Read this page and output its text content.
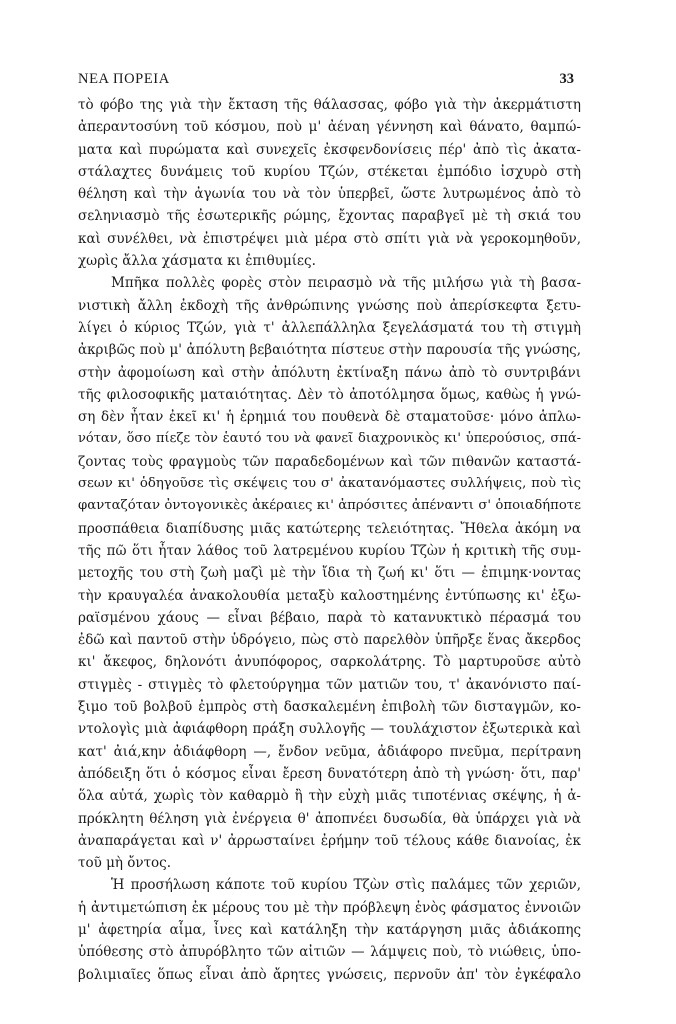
ΝΕΑ ΠΟΡΕΙΑ	33
τὸ φόβο της γιὰ τὴν ἔκταση τῆς θάλασσας, φόβο γιὰ τὴν ἀκερμάτιστη
ἀπεραντοσύνη τοῦ κόσμου, ποὺ μ' ἀέναη γέννηση καὶ θάνατο, θαμπώ-
ματα καὶ πυρώματα καὶ συνεχεῖς ἐκσφενδονίσεις πέρ' ἀπὸ τὶς ἀκατα-
στάλαχτες δυνάμεις τοῦ κυρίου Τζών, στέκεται ἐμπόδιο ἰσχυρὸ στὴ
θέληση καὶ τὴν ἀγωνία του νὰ τὸν ὑπερβεῖ, ὥστε λυτρωμένος ἀπὸ τὸ
σεληνιασμὸ τῆς ἐσωτερικῆς ρώμης, ἔχοντας παραβγεῖ μὲ τὴ σκιά του
καὶ συνέλθει, νὰ ἐπιστρέψει μιὰ μέρα στὸ σπίτι γιὰ νὰ γεροκομηθοῦν,
χωρὶς ἄλλα χάσματα κι ἐπιθυμίες.
Μπῆκα πολλὲς φορὲς στὸν πειρασμὸ νὰ τῆς μιλήσω γιὰ τὴ βασα-
νιστικὴ ἄλλη ἐκδοχὴ τῆς ἀνθρώπινης γνώσης ποὺ ἀπερίσκεφτα ξετυ-
λίγει ὁ κύριος Τζών, γιὰ τ' ἀλλεπάλληλα ξεγελάσματά του τὴ στιγμὴ
ἀκριβῶς ποὺ μ' ἀπόλυτη βεβαιότητα πίστευε στὴν παρουσία τῆς γνώσης,
στὴν ἀφομοίωση καὶ στὴν ἀπόλυτη ἐκτίναξη πάνω ἀπὸ τὸ συντριβάνι
τῆς φιλοσοφικῆς ματαιότητας. Δὲν τὸ ἀποτόλμησα ὅμως, καθὼς ἡ γνώ-
ση δὲν ἦταν ἐκεῖ κι' ἡ ἐρημιά του πουθενὰ δὲ σταματοῦσε· μόνο ἁπλω-
νόταν, ὅσο πίεζε τὸν ἑαυτό του νὰ φανεῖ διαχρονικὸς κι' ὑπερούσιος, σπά-
ζοντας τοὺς φραγμοὺς τῶν παραδεδομένων καὶ τῶν πιθανῶν καταστά-
σεων κι' ὁδηγοῦσε τὶς σκέψεις του σ' ἀκατανόμαστες συλλήψεις, ποὺ τὶς
φανταζόταν ὀντογονικὲς ἀκέραιες κι' ἀπρόσιτες ἀπέναντι σ' ὁποιαδήποτε
προσπάθεια διαπίδυσης μιᾶς κατώτερης τελειότητας. Ἤθελα ἀκόμη να
τῆς πῶ ὅτι ἦταν λάθος τοῦ λατρεμένου κυρίου Τζὼν ἡ κριτικὴ τῆς συμ-
μετοχῆς του στὴ ζωὴ μαζὶ μὲ τὴν ἴδια τὴ ζωή κι' ὅτι — ἐπιμηκ·νοντας
τὴν κραυγαλέα ἀνακολουθία μεταξὺ καλοστημένης ἐντύπωσης κι' ἐξω-
ραϊσμένου χάους — εἶναι βέβαιο, παρὰ τὸ κατανυκτικὸ πέρασμά του
ἐδῶ καὶ παντοῦ στὴν ὑδρόγειο, πὼς στὸ παρελθὸν ὑπῆρξε ἕνας ἄκερδος
κι' ἄκεφος, δηλονότι ἀνυπόφορος, σαρκολάτρης. Τὸ μαρτυροῦσε αὐτὸ
στιγμὲς - στιγμὲς τὸ φλετούργημα τῶν ματιῶν του, τ' ἀκανόνιστο παί-
ξιμο τοῦ βολβοῦ ἐμπρὸς στὴ δασκαλεμένη ἐπιβολὴ τῶν δισταγμῶν, κο-
ντολογὶς μιὰ ἀφιάφθορη πράξη συλλογῆς — τουλάχιστον ἐξωτερικὰ καὶ
κατ' ἀιά,κην ἀδιάφθορη —, ἔνδον νεῦμα, ἀδιάφορο πνεῦμα, περίτρανη
ἀπόδειξη ὅτι ὁ κόσμος εἶναι ἔρεση δυνατότερη ἀπὸ τὴ γνώση· ὅτι, παρ'
ὅλα αὐτά, χωρὶς τὸν καθαρμὸ ἢ τὴν εὐχὴ μιᾶς τιποτένιας σκέψης, ἡ ἀ-
πρόκλητη θέληση γιὰ ἐνέργεια θ' ἀποπνέει δυσωδία, θὰ ὑπάρχει γιὰ νὰ
ἀναπαράγεται καὶ ν' ἀρρωσταίνει ἐρήμην τοῦ τέλους κάθε διανοίας, ἐκ
τοῦ μὴ ὄντος.
Ἡ προσήλωση κάποτε τοῦ κυρίου Τζὼν στὶς παλάμες τῶν χεριῶν,
ἡ ἀντιμετώπιση ἐκ μέρους του μὲ τὴν πρόβλεψη ἑνὸς φάσματος ἐννοιῶν
μ' ἀφετηρία αἷμα, ἶνες καὶ κατάληξη τὴν κατάργηση μιᾶς ἀδιάκοπης
ὑπόθεσης στὸ ἀπυρόβλητο τῶν αἰτιῶν — λάμψεις ποὺ, τὸ νιώθεις, ὑπο-
βολιμιαῖες ὅπως εἶναι ἀπὸ ἄρητες γνώσεις, περνοῦν ἀπ' τὸν ἐγκέφαλο
